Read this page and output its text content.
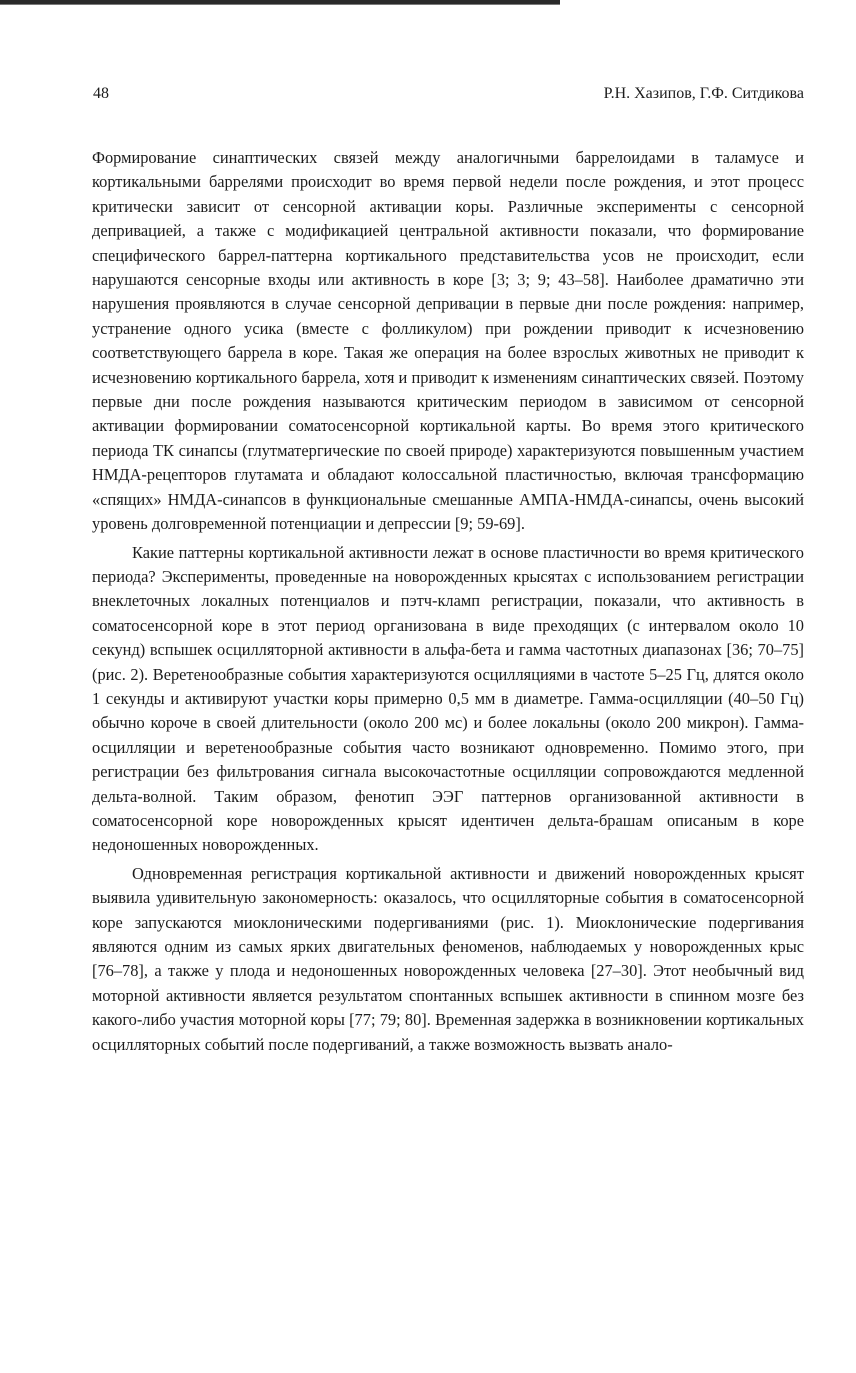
48	Р.Н. Хазипов, Г.Ф. Ситдикова

Формирование синаптических связей между аналогичными баррелоидами в таламусе и кортикальными баррелями происходит во время первой недели после рождения, и этот процесс критически зависит от сенсорной активации коры. Различные эксперименты с сенсорной депривацией, а также с модификацией центральной активности показали, что формирование специфического баррел-паттерна кортикального представительства усов не происходит, если нарушаются сенсорные входы или активность в коре [3; 3; 9; 43–58]. Наиболее драматично эти нарушения проявляются в случае сенсорной депривации в первые дни после рождения: например, устранение одного усика (вместе с фолликулом) при рождении приводит к исчезновению соответствующего баррела в коре. Такая же операция на более взрослых животных не приводит к исчезновению кортикального баррела, хотя и приводит к изменениям синаптических связей. Поэтому первые дни после рождения называются критическим периодом в зависимом от сенсорной активации формировании соматосенсорной кортикальной карты. Во время этого критического периода ТК синапсы (глутматергические по своей природе) характеризуются повышенным участием НМДА-рецепторов глутамата и обладают колоссальной пластичностью, включая трансформацию «спящих» НМДА-синапсов в функциональные смешанные АМПА-НМДА-синапсы, очень высокий уровень долговременной потенциации и депрессии [9; 59-69].

Какие паттерны кортикальной активности лежат в основе пластичности во время критического периода? Эксперименты, проведенные на новорожденных крысятах с использованием регистрации внеклеточных локалных потенциалов и пэтч-кламп регистрации, показали, что активность в соматосенсорной коре в этот период организована в виде преходящих (с интервалом около 10 секунд) вспышек осцилляторной активности в альфа-бета и гамма частотных диапазонах [36; 70–75] (рис. 2). Веретенообразные события характеризуются осцилляциями в частоте 5–25 Гц, длятся около 1 секунды и активируют участки коры примерно 0,5 мм в диаметре. Гамма-осцилляции (40–50 Гц) обычно короче в своей длительности (около 200 мс) и более локальны (около 200 микрон). Гамма-осцилляции и веретенообразные события часто возникают одновременно. Помимо этого, при регистрации без фильтрования сигнала высокочастотные осцилляции сопровождаются медленной дельта-волной. Таким образом, фенотип ЭЭГ паттернов организованной активности в соматосенсорной коре новорожденных крысят идентичен дельта-брашам описаным в коре недоношенных новорожденных.

Одновременная регистрация кортикальной активности и движений новорожденных крысят выявила удивительную закономерность: оказалось, что осцилляторные события в соматосенсорной коре запускаются миоклоническими подергиваниями (рис. 1). Миоклонические подергивания являются одним из самых ярких двигательных феноменов, наблюдаемых у новорожденных крыс [76–78], а также у плода и недоношенных новорожденных человека [27–30]. Этот необычный вид моторной активности является результатом спонтанных вспышек активности в спинном мозге без какого-либо участия моторной коры [77; 79; 80]. Временная задержка в возникновении кортикальных осцилляторных событий после подергиваний, а также возможность вызвать анало-
